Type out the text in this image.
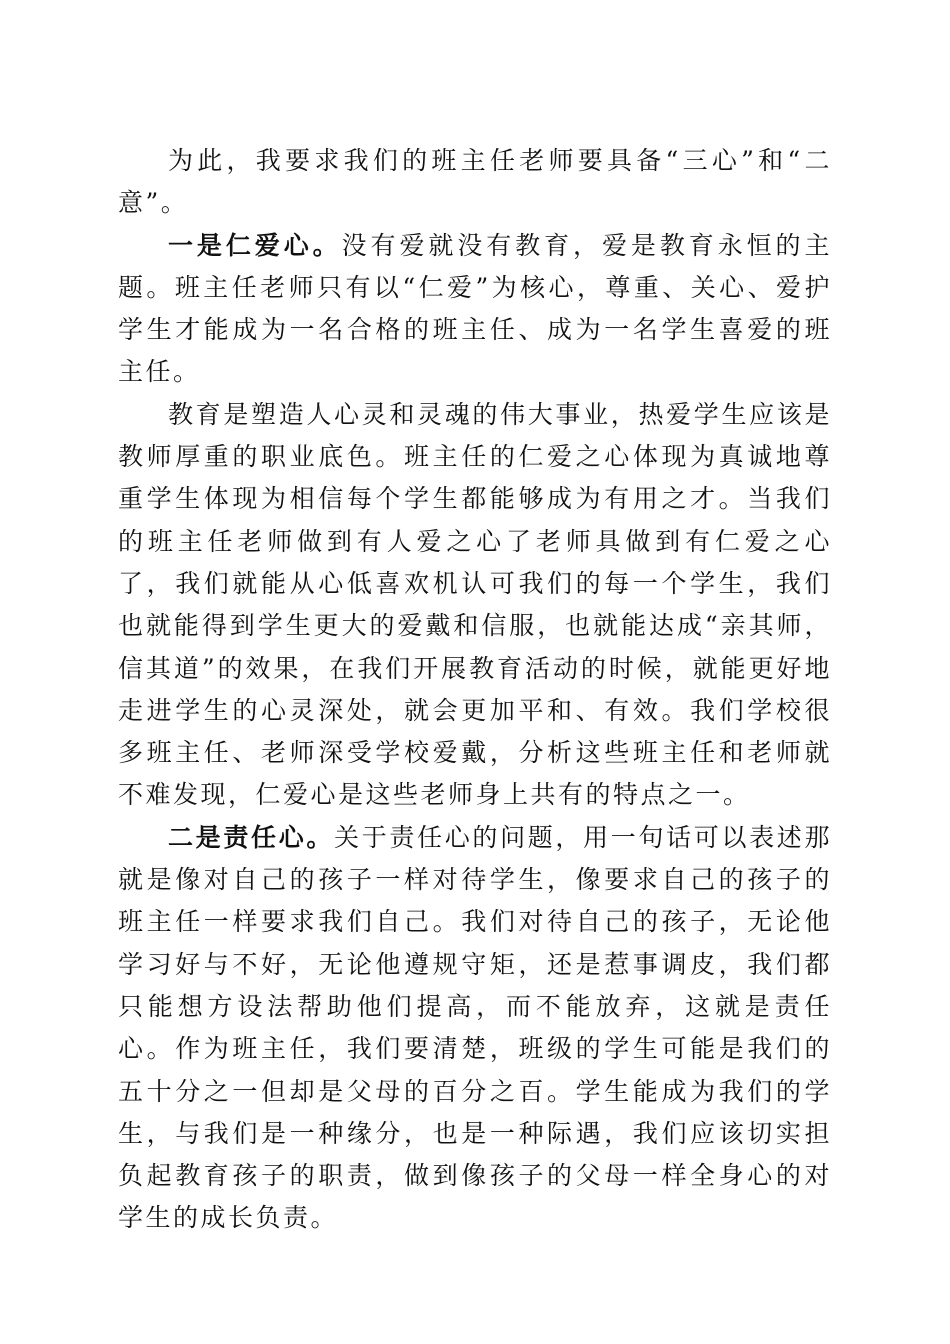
为此，我要求我们的班主任老师要具备“三心”和“二意”。

一是仁爱心。没有爱就没有教育，爱是教育永恒的主题。班主任老师只有以“仁爱”为核心，尊重、关心、爱护学生才能成为一名合格的班主任、成为一名学生喜爱的班主任。

教育是塑造人心灵和灵魂的伟大事业，热爱学生应该是教师厚重的职业底色。班主任的仁爱之心体现为真诚地尊重学生体现为相信每个学生都能够成为有用之才。当我们的班主任老师做到有人爱之心了老师具做到有仁爱之心了，我们就能从心低喜欢机认可我们的每一个学生，我们也就能得到学生更大的爱戴和信服，也就能达成“亲其师，信其道”的效果，在我们开展教育活动的时候，就能更好地走进学生的心灵深处，就会更加平和、有效。我们学校很多班主任、老师深受学校爱戴，分析这些班主任和老师就不难发现，仁爱心是这些老师身上共有的特点之一。

二是责任心。关于责任心的问题，用一句话可以表述那就是像对自己的孩子一样对待学生，像要求自己的孩子的班主任一样要求我们自己。我们对待自己的孩子，无论他学习好与不好，无论他遵规守矩，还是惹事调皮，我们都只能想方设法帮助他们提高，而不能放弃，这就是责任心。作为班主任，我们要清楚，班级的学生可能是我们的五十分之一但却是父母的百分之百。学生能成为我们的学生，与我们是一种缘分，也是一种际遇，我们应该切实担负起教育孩子的职责，做到像孩子的父母一样全身心的对学生的成长负责。
